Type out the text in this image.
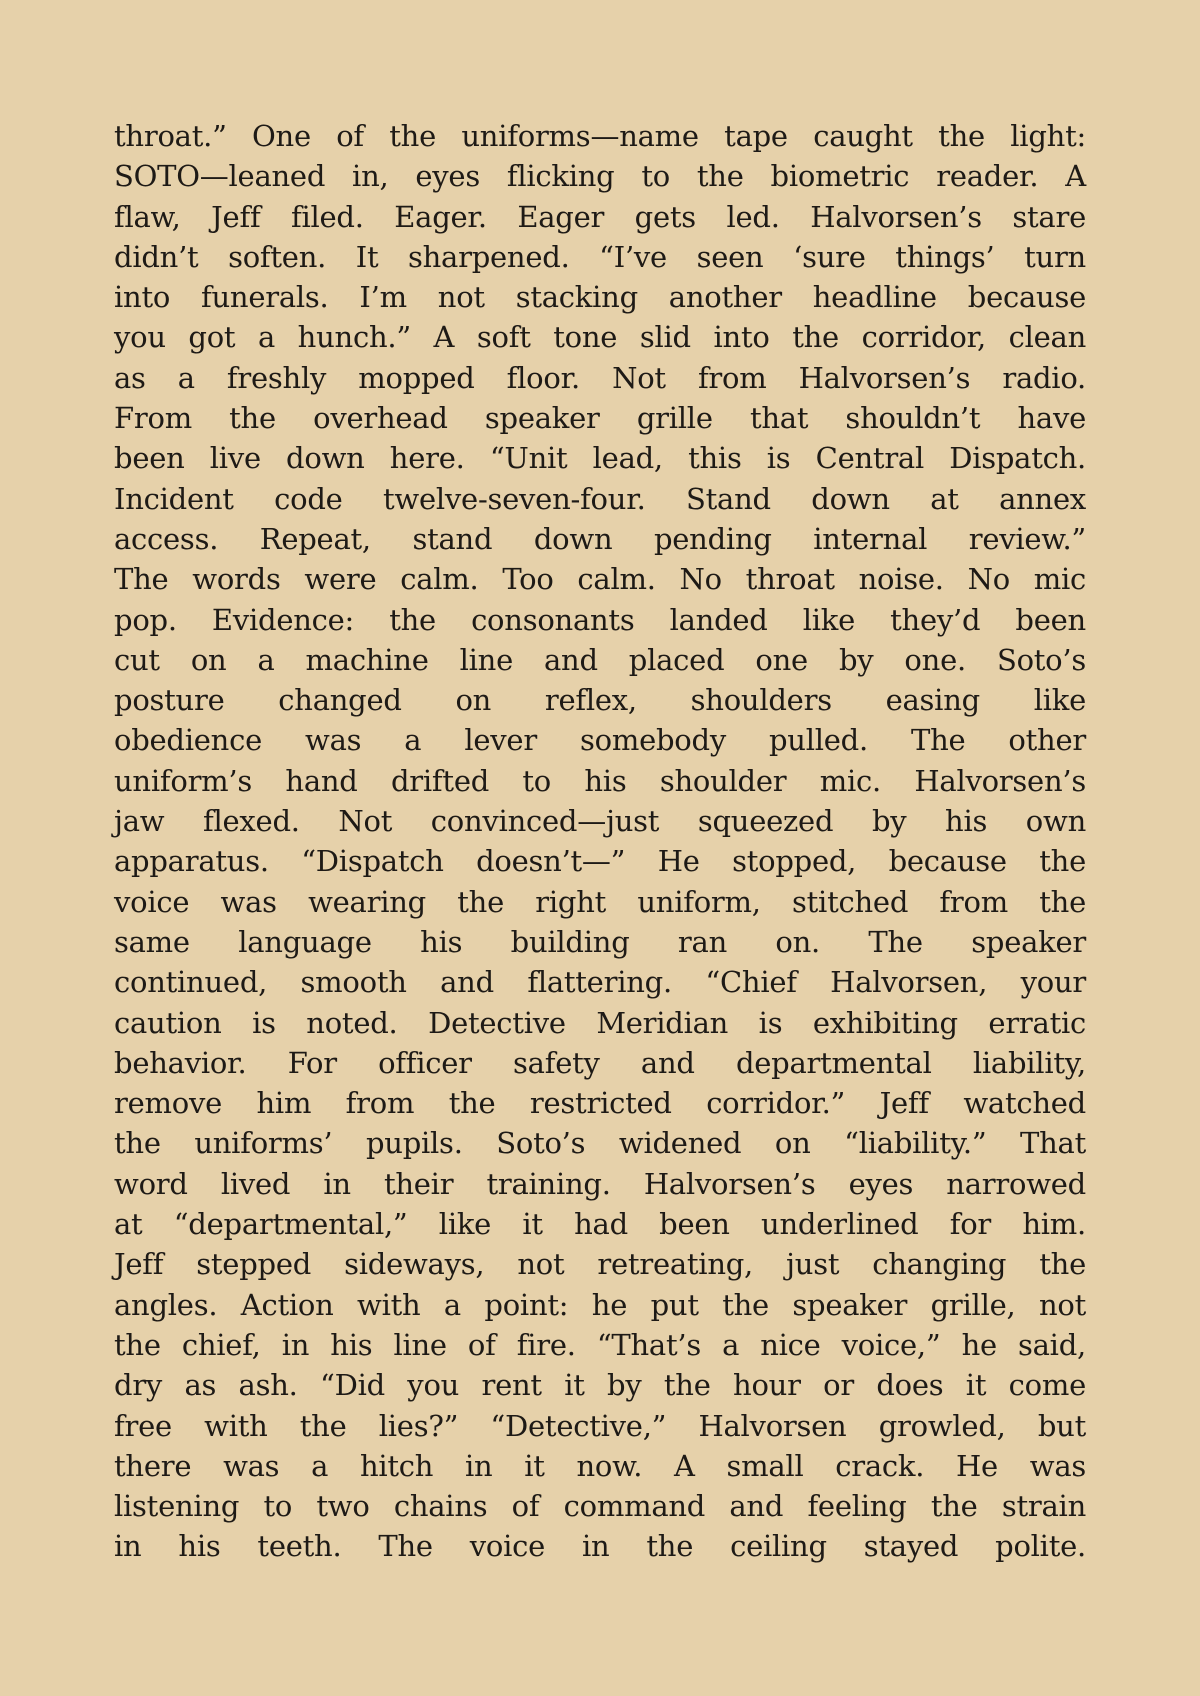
throat.” One of the uniforms—name tape caught the light:
SOTO—leaned in, eyes flicking to the biometric reader. A
flaw, Jeff filed. Eager. Eager gets led. Halvorsen’s stare
didn’t soften. It sharpened. “I’ve seen ‘sure things’ turn
into funerals. I’m not stacking another headline because
you got a hunch.” A soft tone slid into the corridor, clean
as a freshly mopped floor. Not from Halvorsen’s radio.
From the overhead speaker grille that shouldn’t have
been live down here. “Unit lead, this is Central Dispatch.
Incident code twelve-seven-four. Stand down at annex
access. Repeat, stand down pending internal review.”
The words were calm. Too calm. No throat noise. No mic
pop. Evidence: the consonants landed like they’d been
cut on a machine line and placed one by one. Soto’s
posture changed on reflex, shoulders easing like
obedience was a lever somebody pulled. The other
uniform’s hand drifted to his shoulder mic. Halvorsen’s
jaw flexed. Not convinced—just squeezed by his own
apparatus. “Dispatch doesn’t—” He stopped, because the
voice was wearing the right uniform, stitched from the
same language his building ran on. The speaker
continued, smooth and flattering. “Chief Halvorsen, your
caution is noted. Detective Meridian is exhibiting erratic
behavior. For officer safety and departmental liability,
remove him from the restricted corridor.” Jeff watched
the uniforms’ pupils. Soto’s widened on “liability.” That
word lived in their training. Halvorsen’s eyes narrowed
at “departmental,” like it had been underlined for him.
Jeff stepped sideways, not retreating, just changing the
angles. Action with a point: he put the speaker grille, not
the chief, in his line of fire. “That’s a nice voice,” he said,
dry as ash. “Did you rent it by the hour or does it come
free with the lies?” “Detective,” Halvorsen growled, but
there was a hitch in it now. A small crack. He was
listening to two chains of command and feeling the strain
in his teeth. The voice in the ceiling stayed polite.
